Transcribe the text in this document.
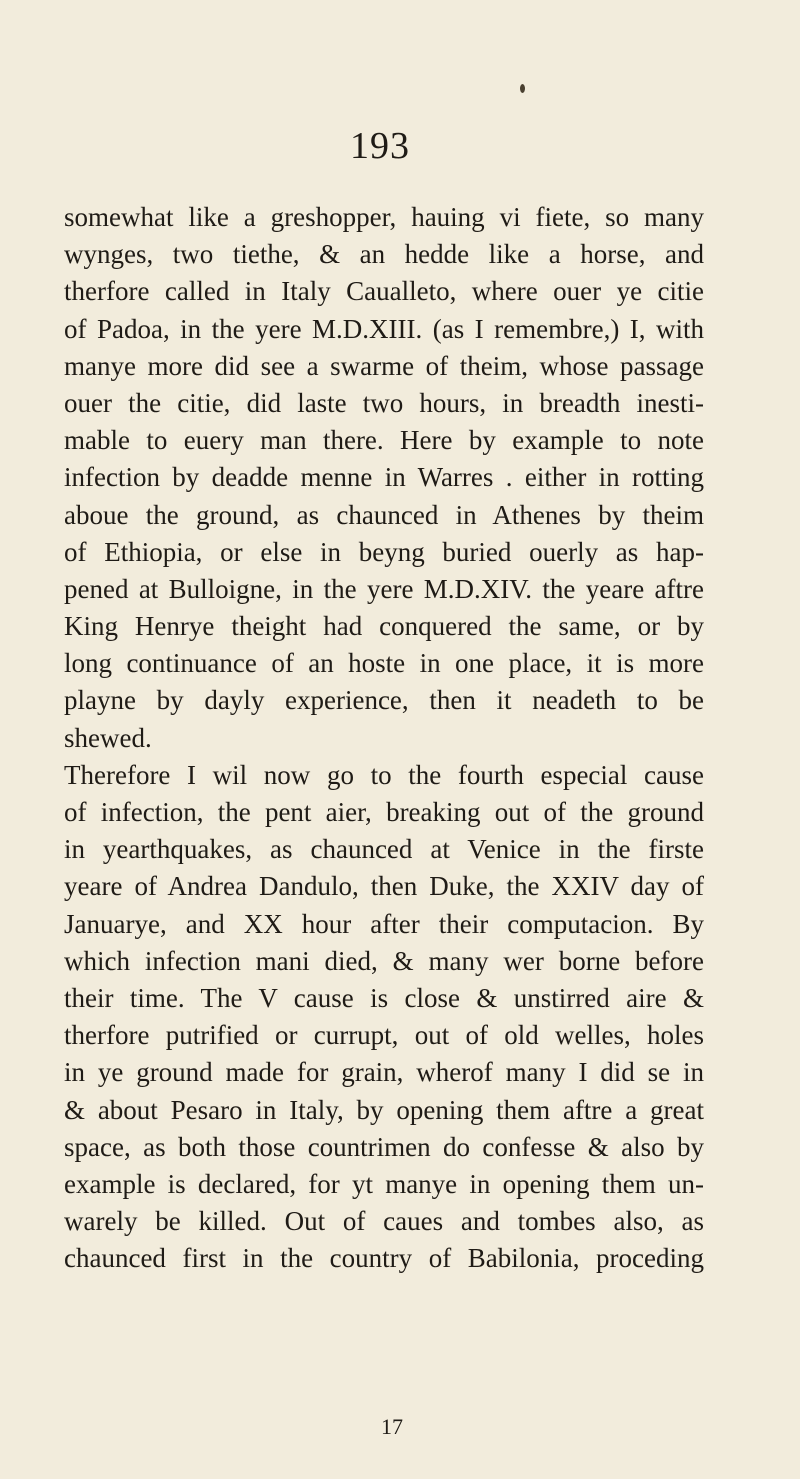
193
somewhat like a greshopper, hauing vi fiete, so many
wynges, two tiethe, & an hedde like a horse, and
therfore called in Italy Caualleto, where ouer ye citie
of Padoa, in the yere M.D.XIII. (as I remembre,) I, with
manye more did see a swarme of theim, whose passage
ouer the citie, did laste two hours, in breadth inesti-
mable to euery man there. Here by example to note
infection by deadde menne in Warres . either in rotting
aboue the ground, as chaunced in Athenes by theim
of Ethiopia, or else in beyng buried ouerly as hap-
pened at Bulloigne, in the yere M.D.XIV. the yeare aftre
King Henrye theight had conquered the same, or by
long continuance of an hoste in one place, it is more
playne by dayly experience, then it neadeth to be
shewed.
Therefore I wil now go to the fourth especial cause
of infection, the pent aier, breaking out of the ground
in yearthquakes, as chaunced at Venice in the firste
yeare of Andrea Dandulo, then Duke, the XXIV day of
Januarye, and XX hour after their computacion. By
which infection mani died, & many wer borne before
their time. The V cause is close & unstirred aire &
therfore putrified or currupt, out of old welles, holes
in ye ground made for grain, wherof many I did se in
& about Pesaro in Italy, by opening them aftre a great
space, as both those countrimen do confesse & also by
example is declared, for yt manye in opening them un-
warely be killed. Out of caues and tombes also, as
chaunced first in the country of Babilonia, proceding
17
